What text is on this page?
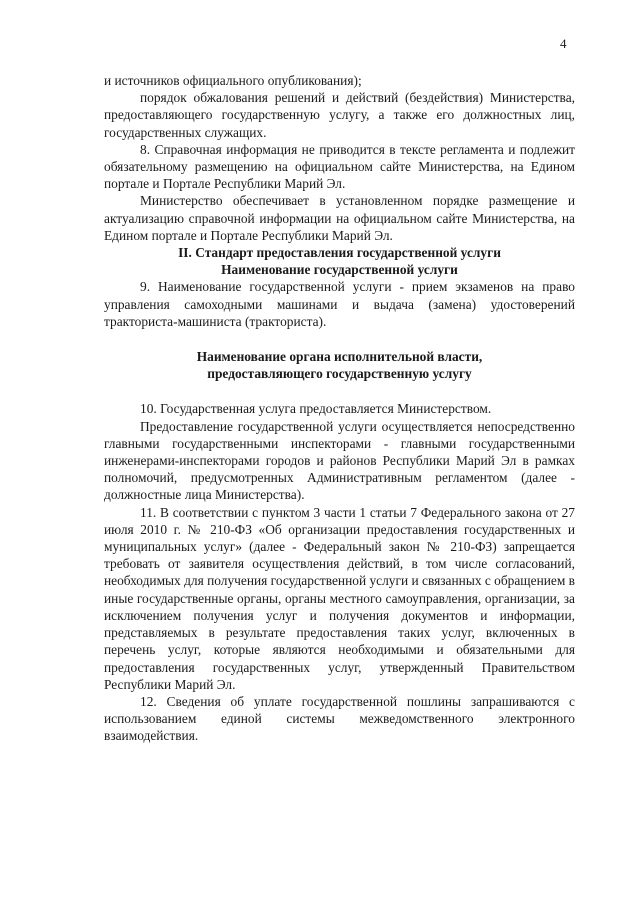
4

и источников официального опубликования);

порядок обжалования решений и действий (бездействия) Министерства, предоставляющего государственную услугу, а также его должностных лиц, государственных служащих.

8. Справочная информация не приводится в тексте регламента и подлежит обязательному размещению на официальном сайте Министерства, на Едином портале и Портале Республики Марий Эл.

Министерство обеспечивает в установленном порядке размещение и актуализацию справочной информации на официальном сайте Министерства, на Едином портале и Портале Республики Марий Эл.

II. Стандарт предоставления государственной услуги

Наименование государственной услуги

9. Наименование государственной услуги - прием экзаменов на право управления самоходными машинами и выдача (замена) удостоверений тракториста-машиниста (тракториста).

Наименование органа исполнительной власти,

предоставляющего государственную услугу

10. Государственная услуга предоставляется Министерством.

Предоставление государственной услуги осуществляется непосредственно главными государственными инспекторами - главными государственными инженерами-инспекторами городов и районов Республики Марий Эл в рамках полномочий, предусмотренных Административным регламентом (далее - должностные лица Министерства).

11. В соответствии с пунктом 3 части 1 статьи 7 Федерального закона от 27 июля 2010 г. № 210-ФЗ «Об организации предоставления государственных и муниципальных услуг» (далее - Федеральный закон № 210-ФЗ) запрещается требовать от заявителя осуществления действий, в том числе согласований, необходимых для получения государственной услуги и связанных с обращением в иные государственные органы, органы местного самоуправления, организации, за исключением получения услуг и получения документов и информации, представляемых в результате предоставления таких услуг, включенных в перечень услуг, которые являются необходимыми и обязательными для предоставления государственных услуг, утвержденный Правительством Республики Марий Эл.

12. Сведения об уплате государственной пошлины запрашиваются с использованием единой системы межведомственного электронного взаимодействия.
